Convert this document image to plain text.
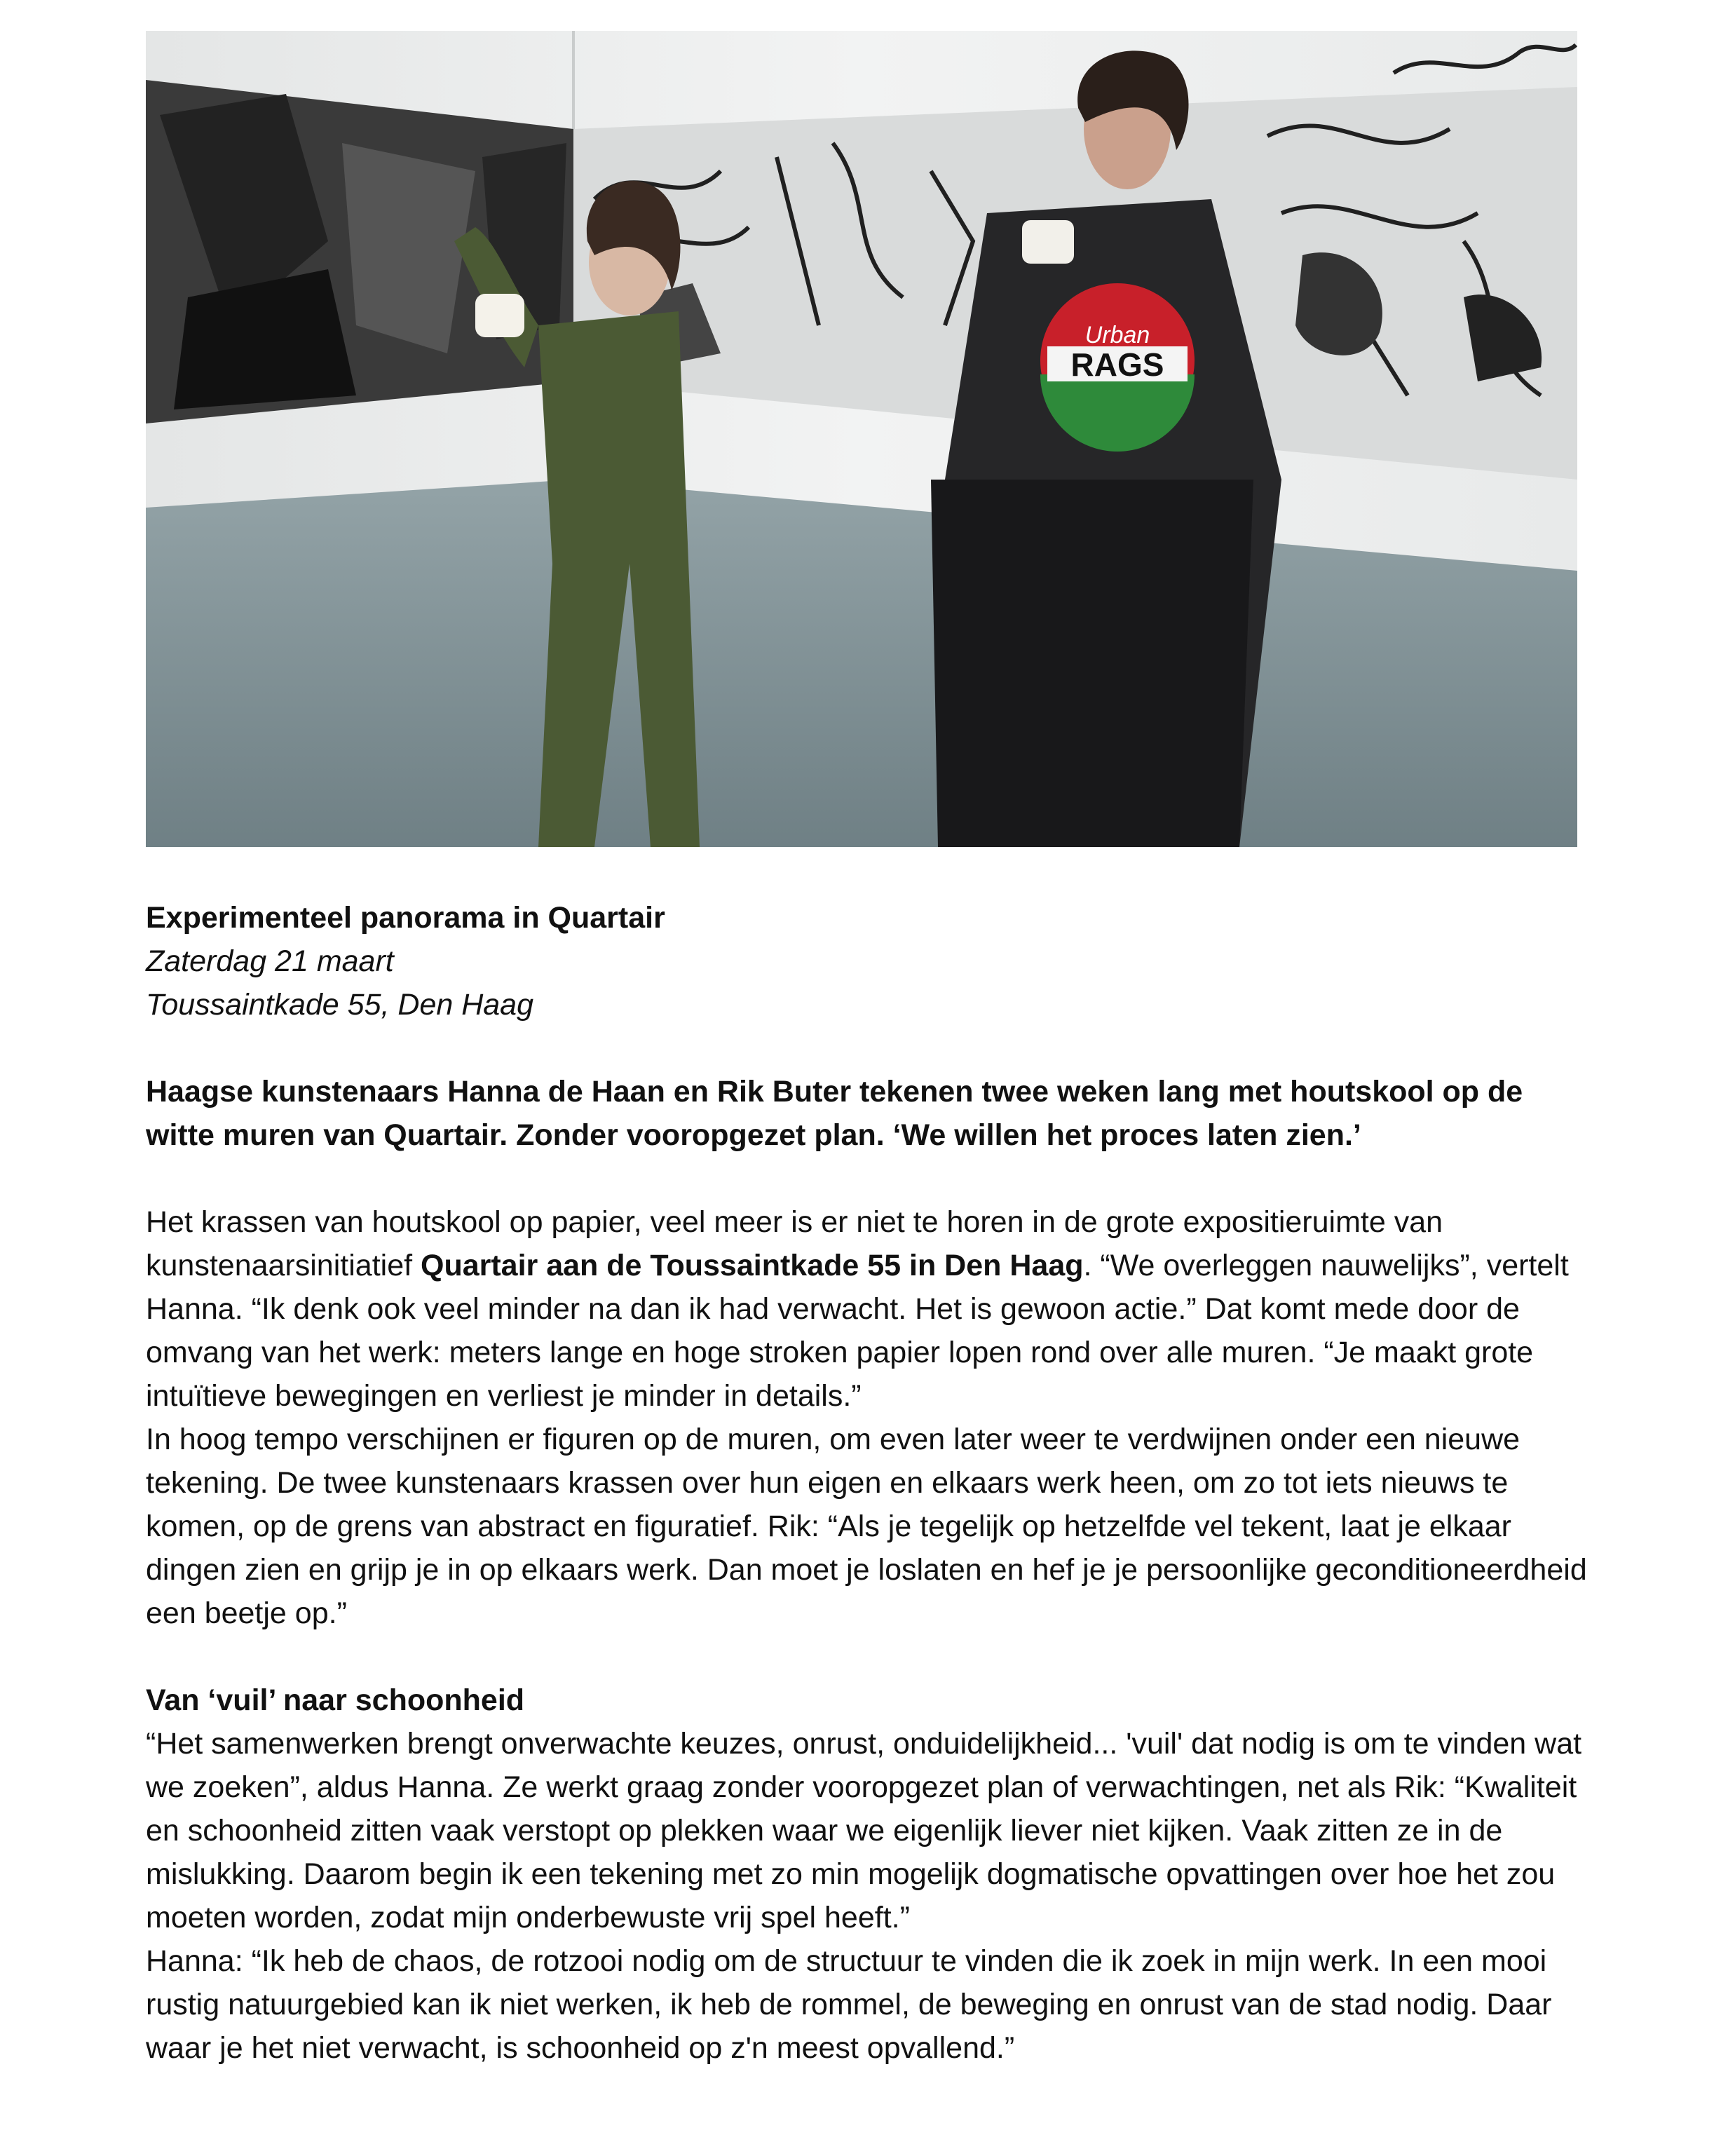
Urban
RAGS
Experimenteel panorama in Quartair
Zaterdag 21 maart
Toussaintkade 55, Den Haag

Haagse kunstenaars Hanna de Haan en Rik Buter tekenen twee weken lang met houtskool op de witte muren van Quartair. Zonder vooropgezet plan. ‘We willen het proces laten zien.’

Het krassen van houtskool op papier, veel meer is er niet te horen in de grote expositieruimte van kunstenaarsinitiatief Quartair aan de Toussaintkade 55 in Den Haag. “We overleggen nauwelijks”, vertelt Hanna. “Ik denk ook veel minder na dan ik had verwacht. Het is gewoon actie.” Dat komt mede door de omvang van het werk: meters lange en hoge stroken papier lopen rond over alle muren. “Je maakt grote intuïtieve bewegingen en verliest je minder in details.”

In hoog tempo verschijnen er figuren op de muren, om even later weer te verdwijnen onder een nieuwe tekening. De twee kunstenaars krassen over hun eigen en elkaars werk heen, om zo tot iets nieuws te komen, op de grens van abstract en figuratief. Rik: “Als je tegelijk op hetzelfde vel tekent, laat je elkaar dingen zien en grijp je in op elkaars werk. Dan moet je loslaten en hef je je persoonlijke geconditioneerdheid een beetje op.”

Van ‘vuil’ naar schoonheid

“Het samenwerken brengt onverwachte keuzes, onrust, onduidelijkheid... 'vuil' dat nodig is om te vinden wat we zoeken”, aldus Hanna. Ze werkt graag zonder vooropgezet plan of verwachtingen, net als Rik: “Kwaliteit en schoonheid zitten vaak verstopt op plekken waar we eigenlijk liever niet kijken. Vaak zitten ze in de mislukking. Daarom begin ik een tekening met zo min mogelijk dogmatische opvattingen over hoe het zou moeten worden, zodat mijn onderbewuste vrij spel heeft.”

Hanna: “Ik heb de chaos, de rotzooi nodig om de structuur te vinden die ik zoek in mijn werk. In een mooi rustig natuurgebied kan ik niet werken, ik heb de rommel, de beweging en onrust van de stad nodig. Daar waar je het niet verwacht, is schoonheid op z'n meest opvallend.”
